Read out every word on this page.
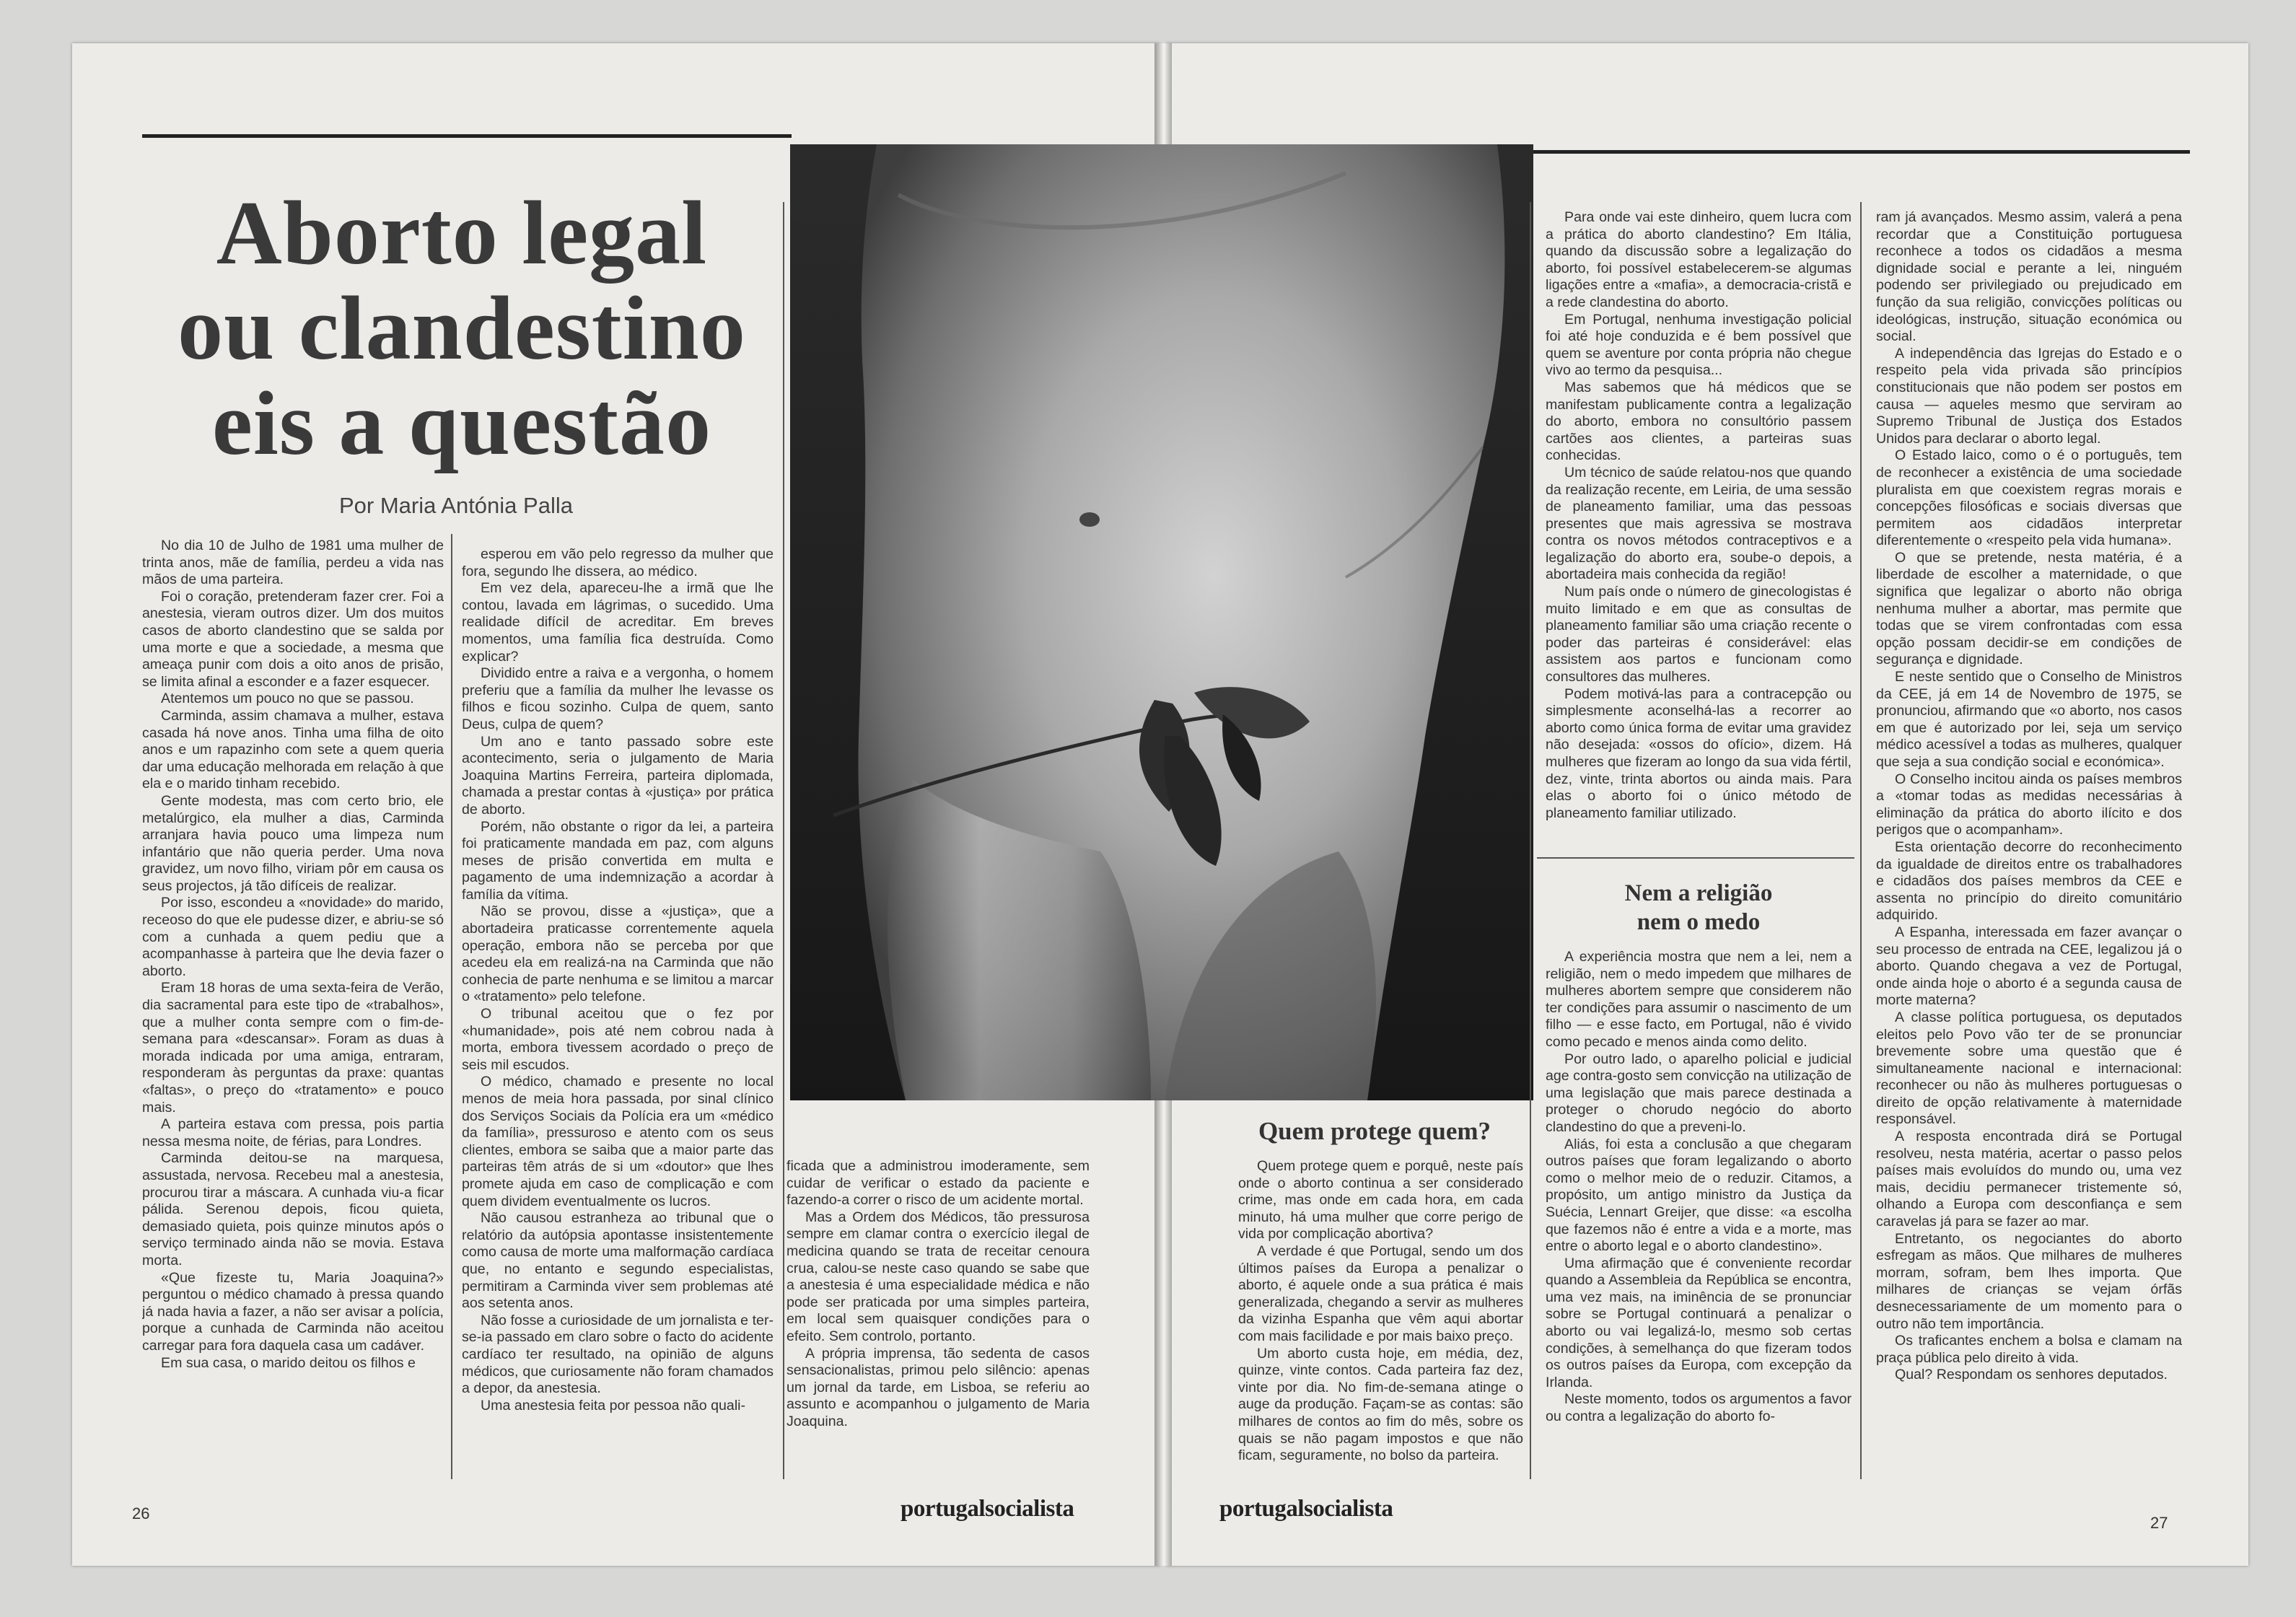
Aborto legal
ou clandestino
eis a questão
Por Maria Antónia Palla

No dia 10 de Julho de 1981 uma mulher de trinta anos, mãe de família, perdeu a vida nas mãos de uma parteira.

Foi o coração, pretenderam fazer crer. Foi a anestesia, vieram outros dizer. Um dos muitos casos de aborto clandestino que se salda por uma morte e que a sociedade, a mesma que ameaça punir com dois a oito anos de prisão, se limita afinal a esconder e a fazer esquecer.

Atentemos um pouco no que se passou.

Carminda, assim chamava a mulher, estava casada há nove anos. Tinha uma filha de oito anos e um rapazinho com sete a quem queria dar uma educação melhorada em relação à que ela e o marido tinham recebido.

Gente modesta, mas com certo brio, ele metalúrgico, ela mulher a dias, Carminda arranjara havia pouco uma limpeza num infantário que não queria perder. Uma nova gravidez, um novo filho, viriam pôr em causa os seus projectos, já tão difíceis de realizar.

Por isso, escondeu a «novidade» do marido, receoso do que ele pudesse dizer, e abriu-se só com a cunhada a quem pediu que a acompanhasse à parteira que lhe devia fazer o aborto.

Eram 18 horas de uma sexta-feira de Verão, dia sacramental para este tipo de «trabalhos», que a mulher conta sempre com o fim-de-semana para «descansar». Foram as duas à morada indicada por uma amiga, entraram, responderam às perguntas da praxe: quantas «faltas», o preço do «tratamento» e pouco mais.

A parteira estava com pressa, pois partia nessa mesma noite, de férias, para Londres.

Carminda deitou-se na marquesa, assustada, nervosa. Recebeu mal a anestesia, procurou tirar a máscara. A cunhada viu-a ficar pálida. Serenou depois, ficou quieta, demasiado quieta, pois quinze minutos após o serviço terminado ainda não se movia. Estava morta.

«Que fizeste tu, Maria Joaquina?» perguntou o médico chamado à pressa quando já nada havia a fazer, a não ser avisar a polícia, porque a cunhada de Carminda não aceitou carregar para fora daquela casa um cadáver.

Em sua casa, o marido deitou os filhos e

esperou em vão pelo regresso da mulher que fora, segundo lhe dissera, ao médico.

Em vez dela, apareceu-lhe a irmã que lhe contou, lavada em lágrimas, o sucedido. Uma realidade difícil de acreditar. Em breves momentos, uma família fica destruída. Como explicar?

Dividido entre a raiva e a vergonha, o homem preferiu que a família da mulher lhe levasse os filhos e ficou sozinho. Culpa de quem, santo Deus, culpa de quem?

Um ano e tanto passado sobre este acontecimento, seria o julgamento de Maria Joaquina Martins Ferreira, parteira diplomada, chamada a prestar contas à «justiça» por prática de aborto.

Porém, não obstante o rigor da lei, a parteira foi praticamente mandada em paz, com alguns meses de prisão convertida em multa e pagamento de uma indemnização a acordar à família da vítima.

Não se provou, disse a «justiça», que a abortadeira praticasse correntemente aquela operação, embora não se perceba por que acedeu ela em realizá-na na Carminda que não conhecia de parte nenhuma e se limitou a marcar o «tratamento» pelo telefone.

O tribunal aceitou que o fez por «humanidade», pois até nem cobrou nada à morta, embora tivessem acordado o preço de seis mil escudos.

O médico, chamado e presente no local menos de meia hora passada, por sinal clínico dos Serviços Sociais da Polícia era um «médico da família», pressuroso e atento com os seus clientes, embora se saiba que a maior parte das parteiras têm atrás de si um «doutor» que lhes promete ajuda em caso de complicação e com quem dividem eventualmente os lucros.

Não causou estranheza ao tribunal que o relatório da autópsia apontasse insistentemente como causa de morte uma malformação cardíaca que, no entanto e segundo especialistas, permitiram a Carminda viver sem problemas até aos setenta anos.

Não fosse a curiosidade de um jornalista e ter-se-ia passado em claro sobre o facto do acidente cardíaco ter resultado, na opinião de alguns médicos, que curiosamente não foram chamados a depor, da anestesia.

Uma anestesia feita por pessoa não quali-

ficada que a administrou imoderamente, sem cuidar de verificar o estado da paciente e fazendo-a correr o risco de um acidente mortal.

Mas a Ordem dos Médicos, tão pressurosa sempre em clamar contra o exercício ilegal de medicina quando se trata de receitar cenoura crua, calou-se neste caso quando se sabe que a anestesia é uma especialidade médica e não pode ser praticada por uma simples parteira, em local sem quaisquer condições para o efeito. Sem controlo, portanto.

A própria imprensa, tão sedenta de casos sensacionalistas, primou pelo silêncio: apenas um jornal da tarde, em Lisboa, se referiu ao assunto e acompanhou o julgamento de Maria Joaquina.

Quem protege quem?

Quem protege quem e porquê, neste país onde o aborto continua a ser considerado crime, mas onde em cada hora, em cada minuto, há uma mulher que corre perigo de vida por complicação abortiva?

A verdade é que Portugal, sendo um dos últimos países da Europa a penalizar o aborto, é aquele onde a sua prática é mais generalizada, chegando a servir as mulheres da vizinha Espanha que vêm aqui abortar com mais facilidade e por mais baixo preço.

Um aborto custa hoje, em média, dez, quinze, vinte contos. Cada parteira faz dez, vinte por dia. No fim-de-semana atinge o auge da produção. Façam-se as contas: são milhares de contos ao fim do mês, sobre os quais se não pagam impostos e que não ficam, seguramente, no bolso da parteira.

Para onde vai este dinheiro, quem lucra com a prática do aborto clandestino? Em Itália, quando da discussão sobre a legalização do aborto, foi possível estabelecerem-se algumas ligações entre a «mafia», a democracia-cristã e a rede clandestina do aborto.

Em Portugal, nenhuma investigação policial foi até hoje conduzida e é bem possível que quem se aventure por conta própria não chegue vivo ao termo da pesquisa...

Mas sabemos que há médicos que se manifestam publicamente contra a legalização do aborto, embora no consultório passem cartões aos clientes, a parteiras suas conhecidas.

Um técnico de saúde relatou-nos que quando da realização recente, em Leiria, de uma sessão de planeamento familiar, uma das pessoas presentes que mais agressiva se mostrava contra os novos métodos contraceptivos e a legalização do aborto era, soube-o depois, a abortadeira mais conhecida da região!

Num país onde o número de ginecologistas é muito limitado e em que as consultas de planeamento familiar são uma criação recente o poder das parteiras é considerável: elas assistem aos partos e funcionam como consultores das mulheres.

Podem motivá-las para a contracepção ou simplesmente aconselhá-las a recorrer ao aborto como única forma de evitar uma gravidez não desejada: «ossos do ofício», dizem. Há mulheres que fizeram ao longo da sua vida fértil, dez, vinte, trinta abortos ou ainda mais. Para elas o aborto foi o único método de planeamento familiar utilizado.

Nem a religião
nem o medo

A experiência mostra que nem a lei, nem a religião, nem o medo impedem que milhares de mulheres abortem sempre que considerem não ter condições para assumir o nascimento de um filho — e esse facto, em Portugal, não é vivido como pecado e menos ainda como delito.

Por outro lado, o aparelho policial e judicial age contra-gosto sem convicção na utilização de uma legislação que mais parece destinada a proteger o chorudo negócio do aborto clandestino do que a preveni-lo.

Aliás, foi esta a conclusão a que chegaram outros países que foram legalizando o aborto como o melhor meio de o reduzir. Citamos, a propósito, um antigo ministro da Justiça da Suécia, Lennart Greijer, que disse: «a escolha que fazemos não é entre a vida e a morte, mas entre o aborto legal e o aborto clandestino».

Uma afirmação que é conveniente recordar quando a Assembleia da República se encontra, uma vez mais, na iminência de se pronunciar sobre se Portugal continuará a penalizar o aborto ou vai legalizá-lo, mesmo sob certas condições, à semelhança do que fizeram todos os outros países da Europa, com excepção da Irlanda.

Neste momento, todos os argumentos a favor ou contra a legalização do aborto fo-

ram já avançados. Mesmo assim, valerá a pena recordar que a Constituição portuguesa reconhece a todos os cidadãos a mesma dignidade social e perante a lei, ninguém podendo ser privilegiado ou prejudicado em função da sua religião, convicções políticas ou ideológicas, instrução, situação económica ou social.

A independência das Igrejas do Estado e o respeito pela vida privada são princípios constitucionais que não podem ser postos em causa — aqueles mesmo que serviram ao Supremo Tribunal de Justiça dos Estados Unidos para declarar o aborto legal.

O Estado laico, como o é o português, tem de reconhecer a existência de uma sociedade pluralista em que coexistem regras morais e concepções filosóficas e sociais diversas que permitem aos cidadãos interpretar diferentemente o «respeito pela vida humana».

O que se pretende, nesta matéria, é a liberdade de escolher a maternidade, o que significa que legalizar o aborto não obriga nenhuma mulher a abortar, mas permite que todas que se virem confrontadas com essa opção possam decidir-se em condições de segurança e dignidade.

E neste sentido que o Conselho de Ministros da CEE, já em 14 de Novembro de 1975, se pronunciou, afirmando que «o aborto, nos casos em que é autorizado por lei, seja um serviço médico acessível a todas as mulheres, qualquer que seja a sua condição social e económica».

O Conselho incitou ainda os países membros a «tomar todas as medidas necessárias à eliminação da prática do aborto ilícito e dos perigos que o acompanham».

Esta orientação decorre do reconhecimento da igualdade de direitos entre os trabalhadores e cidadãos dos países membros da CEE e assenta no princípio do direito comunitário adquirido.

A Espanha, interessada em fazer avançar o seu processo de entrada na CEE, legalizou já o aborto. Quando chegava a vez de Portugal, onde ainda hoje o aborto é a segunda causa de morte materna?

A classe política portuguesa, os deputados eleitos pelo Povo vão ter de se pronunciar brevemente sobre uma questão que é simultaneamente nacional e internacional: reconhecer ou não às mulheres portuguesas o direito de opção relativamente à maternidade responsável.

A resposta encontrada dirá se Portugal resolveu, nesta matéria, acertar o passo pelos países mais evoluídos do mundo ou, uma vez mais, decidiu permanecer tristemente só, olhando a Europa com desconfiança e sem caravelas já para se fazer ao mar.

Entretanto, os negociantes do aborto esfregam as mãos. Que milhares de mulheres morram, sofram, bem lhes importa. Que milhares de crianças se vejam órfãs desnecessariamente de um momento para o outro não tem importância.

Os traficantes enchem a bolsa e clamam na praça pública pelo direito à vida.

Qual? Respondam os senhores deputados.

26	portugalsocialista	portugalsocialista
27
